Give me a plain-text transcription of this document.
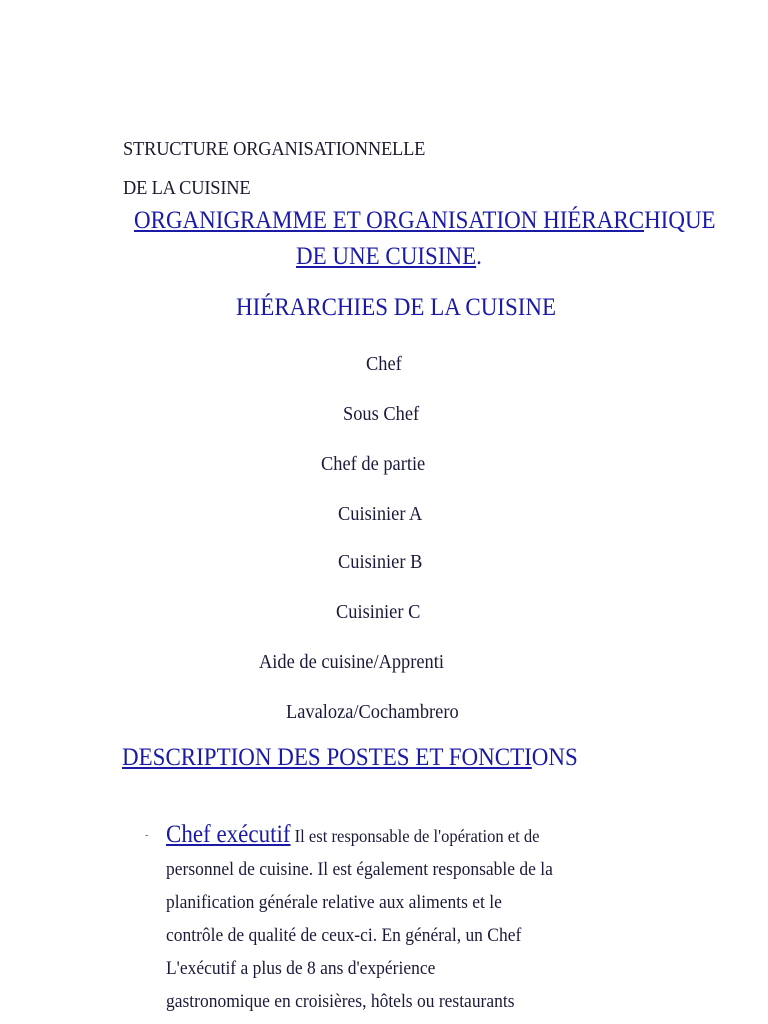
STRUCTURE ORGANISATIONNELLE
DE LA CUISINE
ORGANIGRAMME ET ORGANISATION HIÉRARCHIQUE
DE UNE CUISINE.
HIÉRARCHIES DE LA CUISINE
Chef
Sous Chef
Chef de partie
Cuisinier A
Cuisinier B
Cuisinier C
Aide de cuisine/Apprenti
Lavaloza/Cochambrero
DESCRIPTION DES POSTES ET FONCTIONS
- Chef exécutif Il est responsable de l'opération et de
personnel de cuisine. Il est également responsable de la
planification générale relative aux aliments et le
contrôle de qualité de ceux-ci. En général, un Chef
L'exécutif a plus de 8 ans d'expérience
gastronomique en croisières, hôtels ou restaurants
